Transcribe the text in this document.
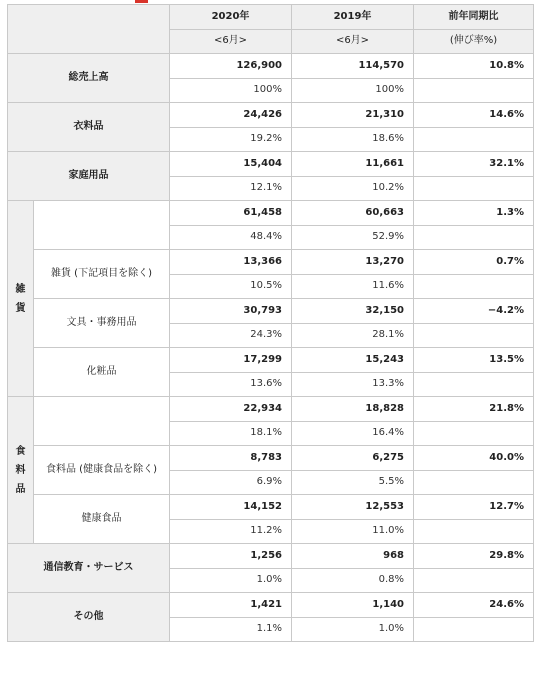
		2020年	2019年	前年同期比
		<6月>	<6月>	(伸び率%)
総売上高		126,900	114,570	10.8%
		100%	100%	
衣料品		24,426	21,310	14.6%
		19.2%	18.6%	
家庭用品		15,404	11,661	32.1%
		12.1%	10.2%	

雑
貨		61,458	60,663	1.3%
		48.4%	52.9%	
	雑貨 (下記項目を除く)	13,366	13,270	0.7%
		10.5%	11.6%	
	文具・事務用品	30,793	32,150	−4.2%
		24.3%	28.1%	
	化粧品	17,299	15,243	13.5%
		13.6%	13.3%	

食
料
品		22,934	18,828	21.8%
		18.1%	16.4%	
	食料品 (健康食品を除く)	8,783	6,275	40.0%
		6.9%	5.5%	
	健康食品	14,152	12,553	12.7%
		11.2%	11.0%	
通信教育・サービス		1,256	968	29.8%
		1.0%	0.8%	
その他		1,421	1,140	24.6%
		1.1%	1.0%	
